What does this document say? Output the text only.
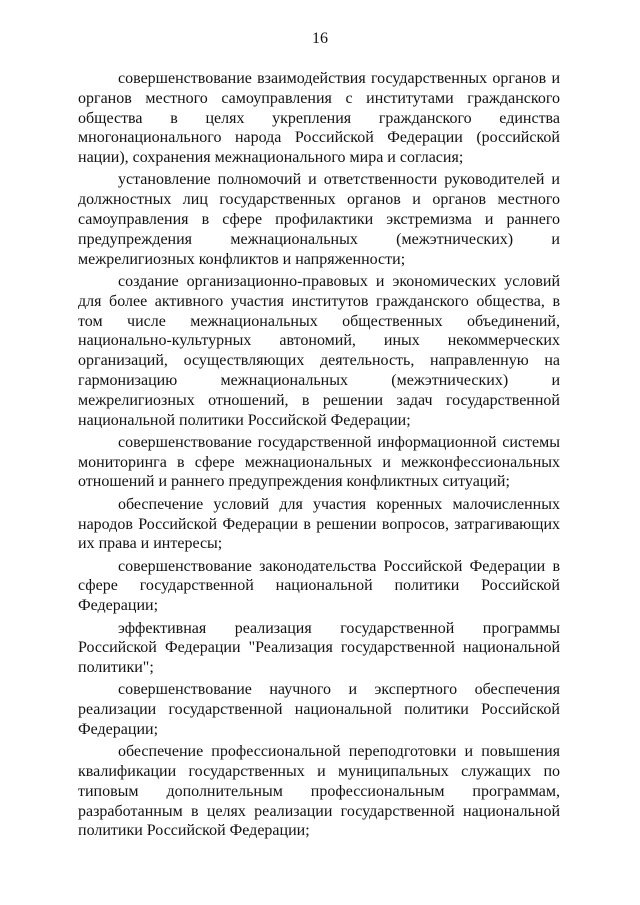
16

совершенствование взаимодействия государственных органов и органов местного самоуправления с институтами гражданского общества в целях укрепления гражданского единства многонационального народа Российской Федерации (российской нации), сохранения межнационального мира и согласия;

установление полномочий и ответственности руководителей и должностных лиц государственных органов и органов местного самоуправления в сфере профилактики экстремизма и раннего предупреждения межнациональных (межэтнических) и межрелигиозных конфликтов и напряженности;

создание организационно-правовых и экономических условий для более активного участия институтов гражданского общества, в том числе межнациональных общественных объединений, национально-культурных автономий, иных некоммерческих организаций, осуществляющих деятельность, направленную на гармонизацию межнациональных (межэтнических) и межрелигиозных отношений, в решении задач государственной национальной политики Российской Федерации;

совершенствование государственной информационной системы мониторинга в сфере межнациональных и межконфессиональных отношений и раннего предупреждения конфликтных ситуаций;

обеспечение условий для участия коренных малочисленных народов Российской Федерации в решении вопросов, затрагивающих их права и интересы;

совершенствование законодательства Российской Федерации в сфере государственной национальной политики Российской Федерации;

эффективная реализация государственной программы Российской Федерации "Реализация государственной национальной политики";

совершенствование научного и экспертного обеспечения реализации государственной национальной политики Российской Федерации;

обеспечение профессиональной переподготовки и повышения квалификации государственных и муниципальных служащих по типовым дополнительным профессиональным программам, разработанным в целях реализации государственной национальной политики Российской Федерации;
